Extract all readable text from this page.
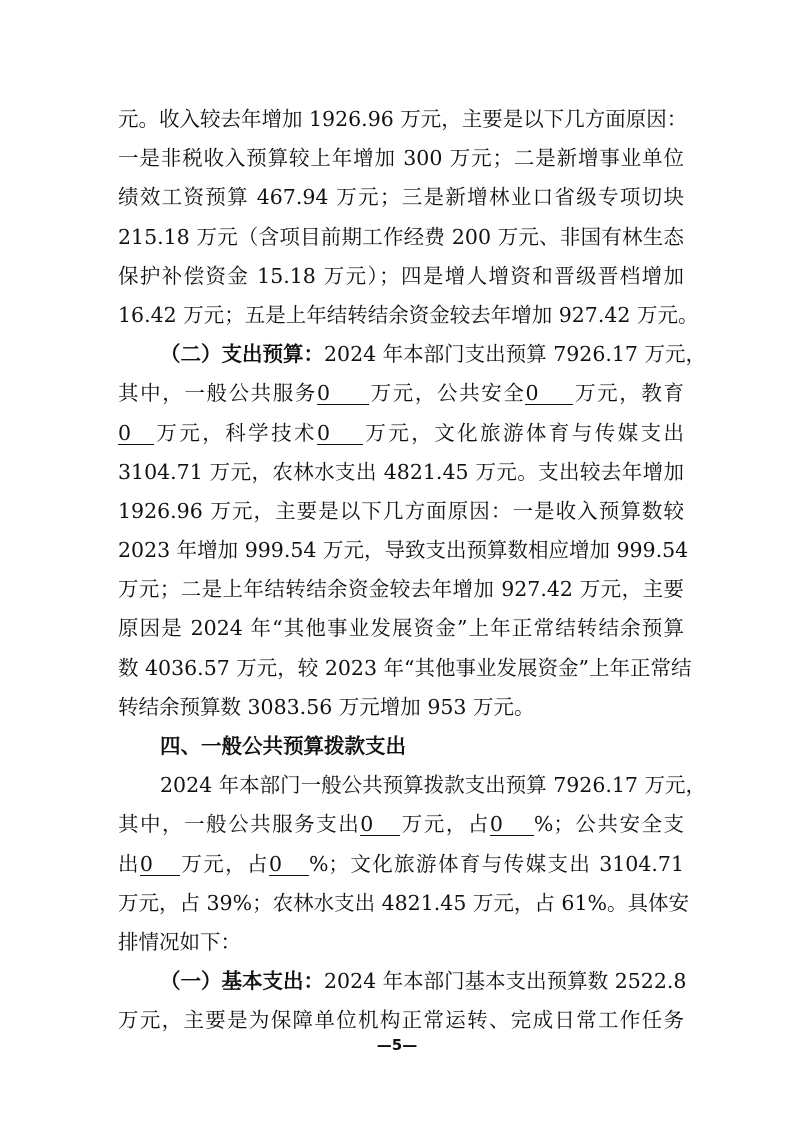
元。收入较去年增加 1926.96 万元，主要是以下几方面原因：
一是非税收入预算较上年增加 300 万元；二是新增事业单位
绩效工资预算 467.94 万元；三是新增林业口省级专项切块
215.18 万元（含项目前期工作经费 200 万元、非国有林生态
保护补偿资金 15.18 万元）；四是增人增资和晋级晋档增加
16.42 万元；五是上年结转结余资金较去年增加 927.42 万元。
（二）支出预算：2024 年本部门支出预算 7926.17 万元，
其中，一般公共服务0 万元，公共安全0 万元，教育
0 万元，科学技术0 万元，文化旅游体育与传媒支出
3104.71 万元，农林水支出 4821.45 万元。支出较去年增加
1926.96 万元，主要是以下几方面原因：一是收入预算数较
2023 年增加 999.54 万元，导致支出预算数相应增加 999.54
万元；二是上年结转结余资金较去年增加 927.42 万元，主要
原因是 2024 年“其他事业发展资金”上年正常结转结余预算
数 4036.57 万元，较 2023 年“其他事业发展资金”上年正常结
转结余预算数 3083.56 万元增加 953 万元。
四、一般公共预算拨款支出
2024 年本部门一般公共预算拨款支出预算 7926.17 万元，
其中，一般公共服务支出0 万元，占0 %；公共安全支
出0 万元，占0 %；文化旅游体育与传媒支出 3104.71
万元，占 39%；农林水支出 4821.45 万元，占 61%。具体安
排情况如下：
（一）基本支出：2024 年本部门基本支出预算数 2522.8
万元，主要是为保障单位机构正常运转、完成日常工作任务
—5—
